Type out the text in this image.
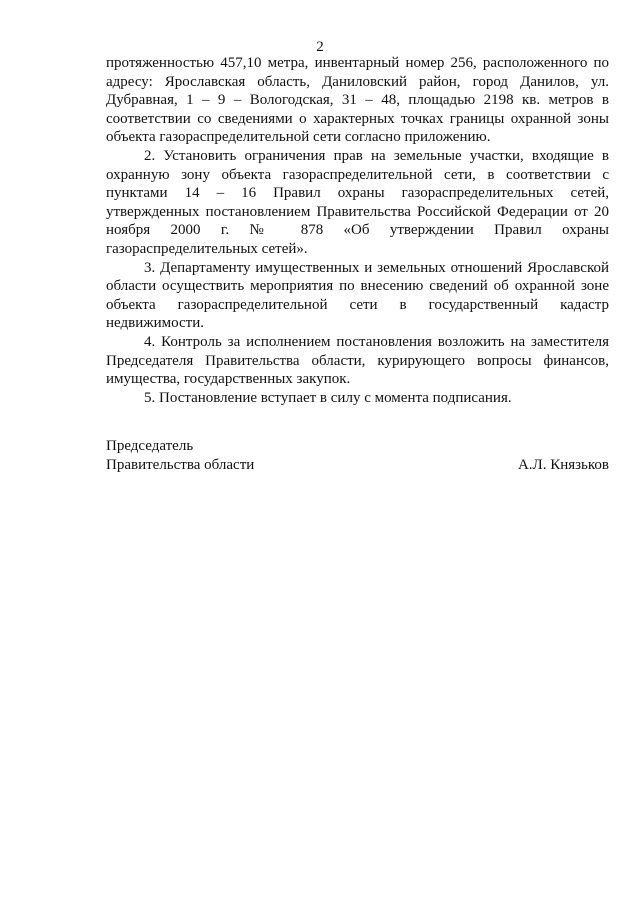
2

протяженностью 457,10 метра, инвентарный номер 256, расположенного по адресу: Ярославская область, Даниловский район, город Данилов, ул. Дубравная, 1 – 9 – Вологодская, 31 – 48, площадью 2198 кв. метров в соответствии со сведениями о характерных точках границы охранной зоны объекта газораспределительной сети согласно приложению.

2. Установить ограничения прав на земельные участки, входящие в охранную зону объекта газораспределительной сети, в соответствии с пунктами 14 – 16 Правил охраны газораспределительных сетей, утвержденных постановлением Правительства Российской Федерации от 20 ноября 2000 г. № 878 «Об утверждении Правил охраны газораспределительных сетей».

3. Департаменту имущественных и земельных отношений Ярославской области осуществить мероприятия по внесению сведений об охранной зоне объекта газораспределительной сети в государственный кадастр недвижимости.

4. Контроль за исполнением постановления возложить на заместителя Председателя Правительства области, курирующего вопросы финансов, имущества, государственных закупок.

5. Постановление вступает в силу с момента подписания.

Председатель
Правительства области	А.Л. Князьков
